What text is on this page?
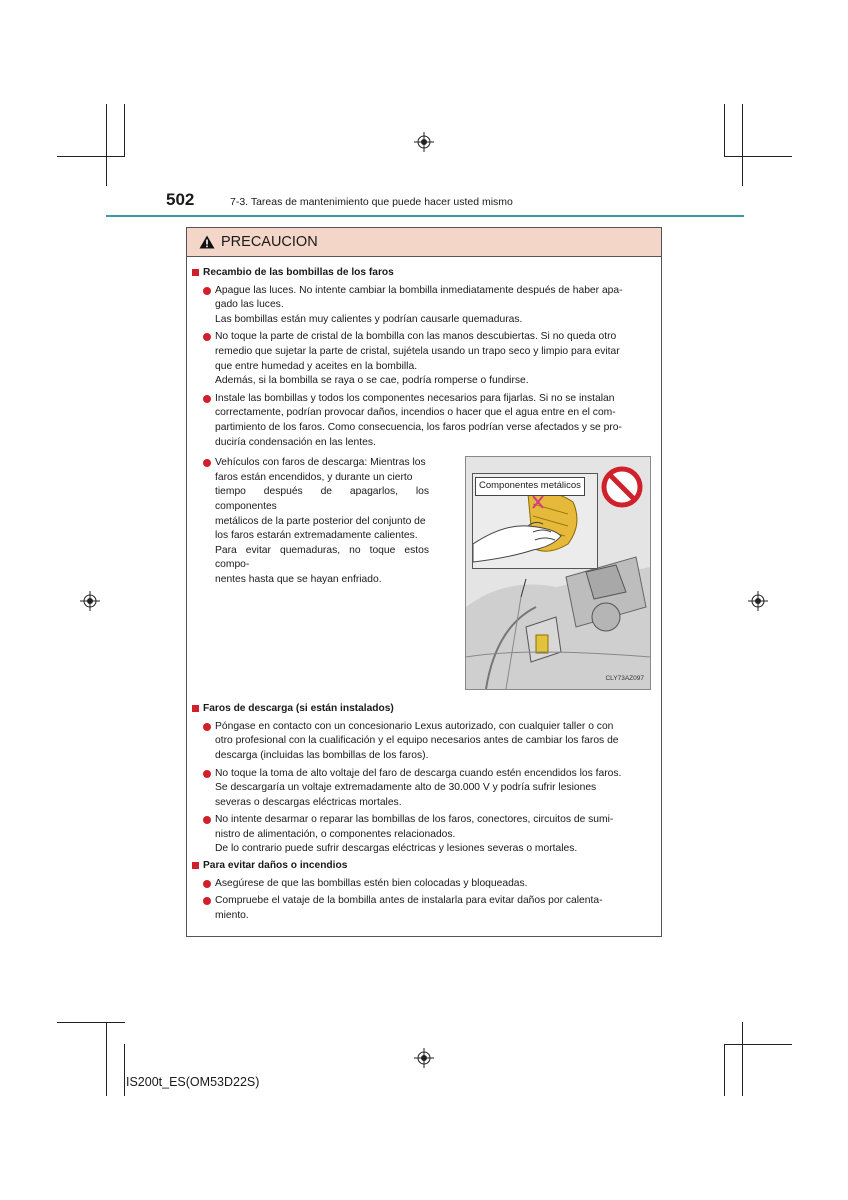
502	7-3. Tareas de mantenimiento que puede hacer usted mismo
PRECAUCION
Recambio de las bombillas de los faros
Apague las luces. No intente cambiar la bombilla inmediatamente después de haber apa-
gado las luces.
Las bombillas están muy calientes y podrían causarle quemaduras.
No toque la parte de cristal de la bombilla con las manos descubiertas. Si no queda otro
remedio que sujetar la parte de cristal, sujétela usando un trapo seco y limpio para evitar
que entre humedad y aceites en la bombilla.
Además, si la bombilla se raya o se cae, podría romperse o fundirse.
Instale las bombillas y todos los componentes necesarios para fijarlas. Si no se instalan
correctamente, podrían provocar daños, incendios o hacer que el agua entre en el com-
partimiento de los faros. Como consecuencia, los faros podrían verse afectados y se pro-
duciría condensación en las lentes.
Vehículos con faros de descarga: Mientras los
faros están encendidos, y durante un cierto
tiempo después de apagarlos, los componentes
metálicos de la parte posterior del conjunto de
los faros estarán extremadamente calientes.
Para evitar quemaduras, no toque estos compo-
nentes hasta que se hayan enfriado.
Componentes metálicos
CLY73AZ097
Faros de descarga (si están instalados)
Póngase en contacto con un concesionario Lexus autorizado, con cualquier taller o con
otro profesional con la cualificación y el equipo necesarios antes de cambiar los faros de
descarga (incluidas las bombillas de los faros).
No toque la toma de alto voltaje del faro de descarga cuando estén encendidos los faros.
Se descargaría un voltaje extremadamente alto de 30.000 V y podría sufrir lesiones
severas o descargas eléctricas mortales.
No intente desarmar o reparar las bombillas de los faros, conectores, circuitos de sumi-
nistro de alimentación, o componentes relacionados.
De lo contrario puede sufrir descargas eléctricas y lesiones severas o mortales.
Para evitar daños o incendios
Asegúrese de que las bombillas estén bien colocadas y bloqueadas.
Compruebe el vataje de la bombilla antes de instalarla para evitar daños por calenta-
miento.
IS200t_ES(OM53D22S)
